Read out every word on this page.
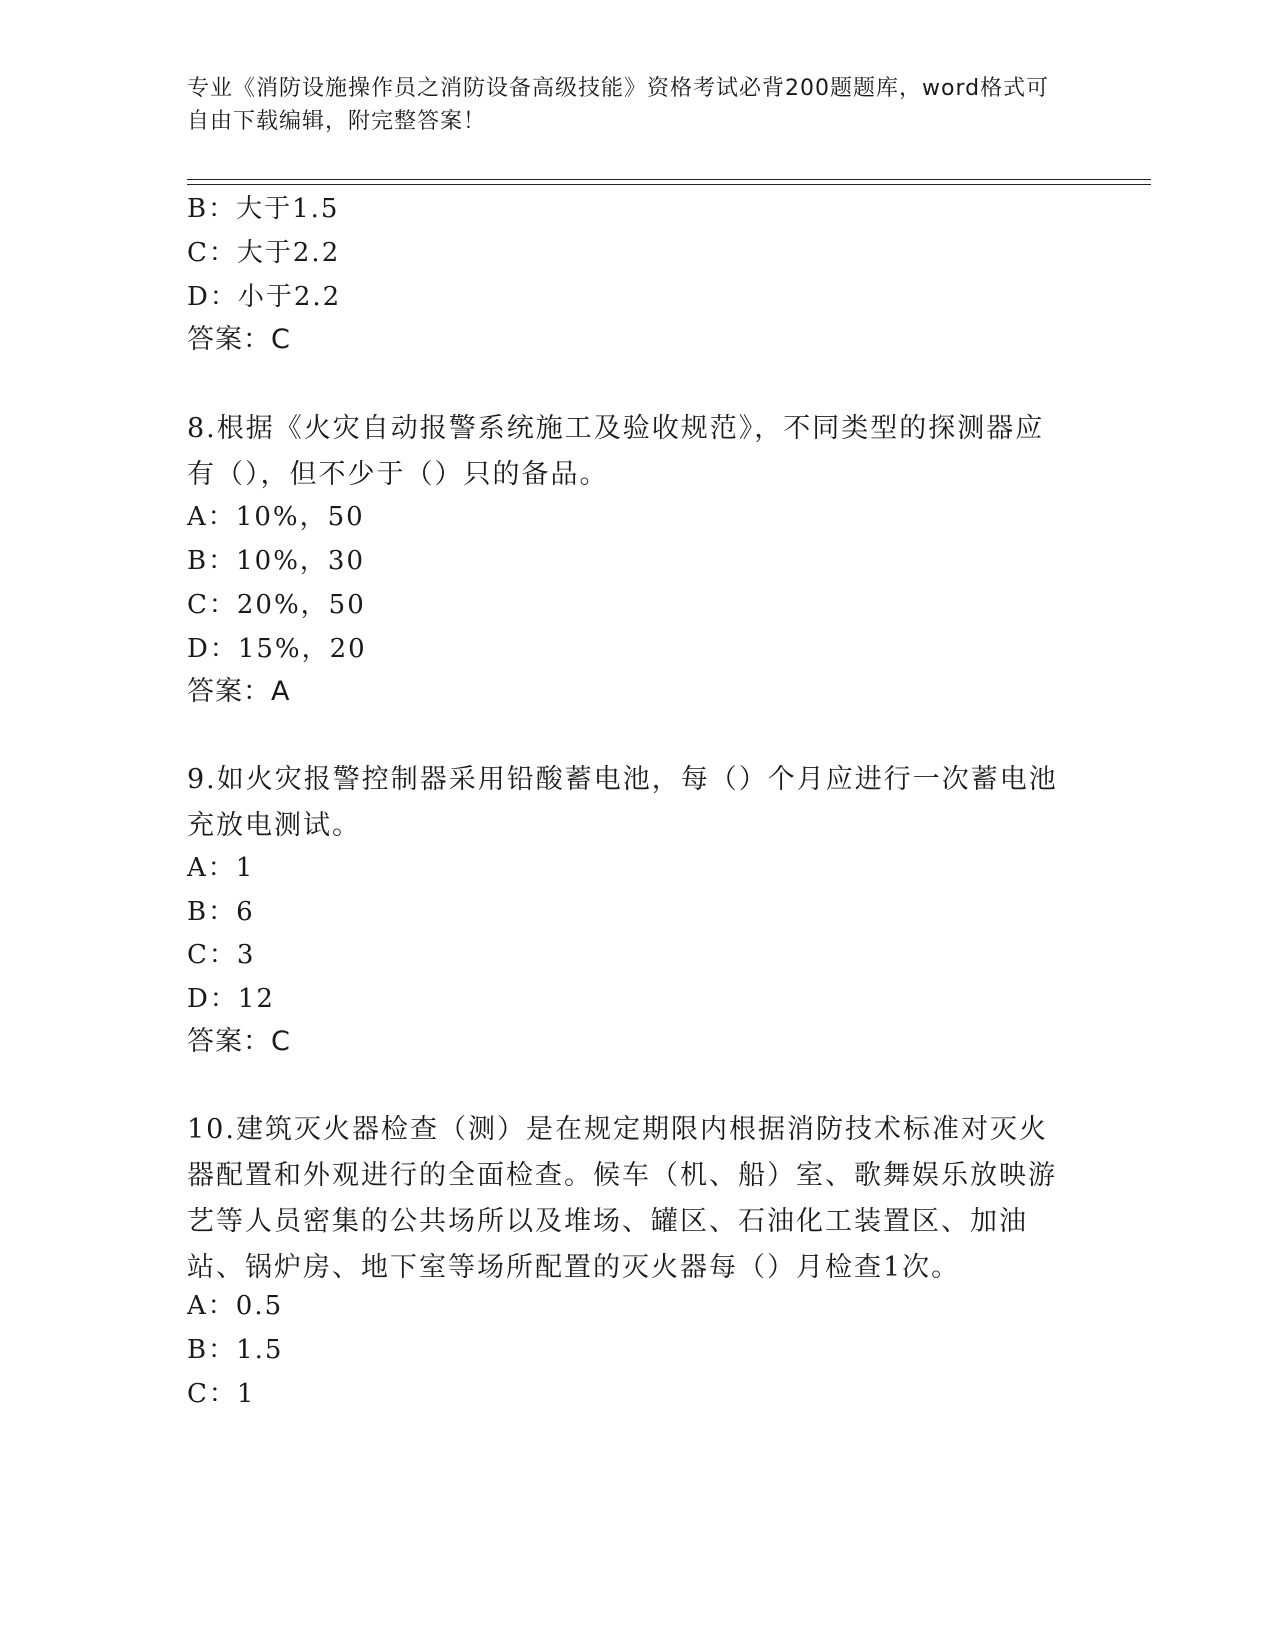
专业《消防设施操作员之消防设备高级技能》资格考试必背200题题库，word格式可自由下载编辑，附完整答案！
B：大于1.5
C：大于2.2
D：小于2.2
答案：C
8.根据《火灾自动报警系统施工及验收规范》，不同类型的探测器应有（），但不少于（）只的备品。
A：10%，50
B：10%，30
C：20%，50
D：15%，20
答案：A
9.如火灾报警控制器采用铅酸蓄电池，每（）个月应进行一次蓄电池充放电测试。
A：1
B：6
C：3
D：12
答案：C
10.建筑灭火器检查（测）是在规定期限内根据消防技术标准对灭火器配置和外观进行的全面检查。候车（机、船）室、歌舞娱乐放映游艺等人员密集的公共场所以及堆场、罐区、石油化工装置区、加油站、锅炉房、地下室等场所配置的灭火器每（）月检查1次。
A：0.5
B：1.5
C：1
